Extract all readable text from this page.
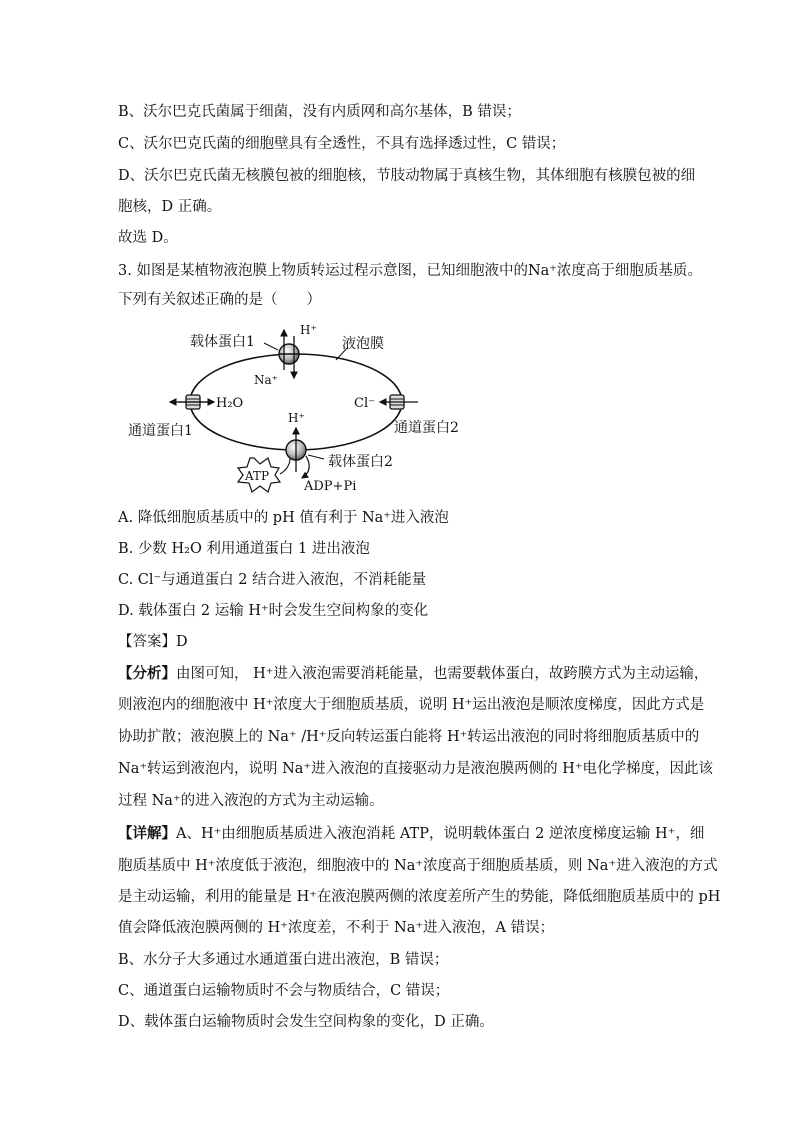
B、沃尔巴克氏菌属于细菌，没有内质网和高尔基体，B 错误；
C、沃尔巴克氏菌的细胞壁具有全透性，不具有选择透过性，C 错误；
D、沃尔巴克氏菌无核膜包被的细胞核，节肢动物属于真核生物，其体细胞有核膜包被的细
胞核，D 正确。
故选 D。
3. 如图是某植物液泡膜上物质转运过程示意图，已知细胞液中的Na⁺浓度高于细胞质基质。
下列有关叙述正确的是（　　）
载体蛋白1	液泡膜
H⁺
Na⁺
H₂O	Cl⁻
通道蛋白1	通道蛋白2
H⁺
载体蛋白2
ATP
ADP+Pi
A. 降低细胞质基质中的 pH 值有利于 Na⁺进入液泡
B. 少数 H₂O 利用通道蛋白 1 进出液泡
C. Cl⁻与通道蛋白 2 结合进入液泡，不消耗能量
D. 载体蛋白 2 运输 H⁺时会发生空间构象的变化
【答案】D
【分析】由图可知， H⁺进入液泡需要消耗能量，也需要载体蛋白，故跨膜方式为主动运输，
则液泡内的细胞液中 H⁺浓度大于细胞质基质，说明 H⁺运出液泡是顺浓度梯度，因此方式是
协助扩散；液泡膜上的 Na⁺ /H⁺反向转运蛋白能将 H⁺转运出液泡的同时将细胞质基质中的
Na⁺转运到液泡内，说明 Na⁺进入液泡的直接驱动力是液泡膜两侧的 H⁺电化学梯度，因此该
过程 Na⁺的进入液泡的方式为主动运输。
【详解】A、H⁺由细胞质基质进入液泡消耗 ATP，说明载体蛋白 2 逆浓度梯度运输 H⁺，细
胞质基质中 H⁺浓度低于液泡，细胞液中的 Na⁺浓度高于细胞质基质，则 Na⁺进入液泡的方式
是主动运输，利用的能量是 H⁺在液泡膜两侧的浓度差所产生的势能，降低细胞质基质中的 pH
值会降低液泡膜两侧的 H⁺浓度差，不利于 Na⁺进入液泡，A 错误；
B、水分子大多通过水通道蛋白进出液泡，B 错误；
C、通道蛋白运输物质时不会与物质结合，C 错误；
D、载体蛋白运输物质时会发生空间构象的变化，D 正确。
